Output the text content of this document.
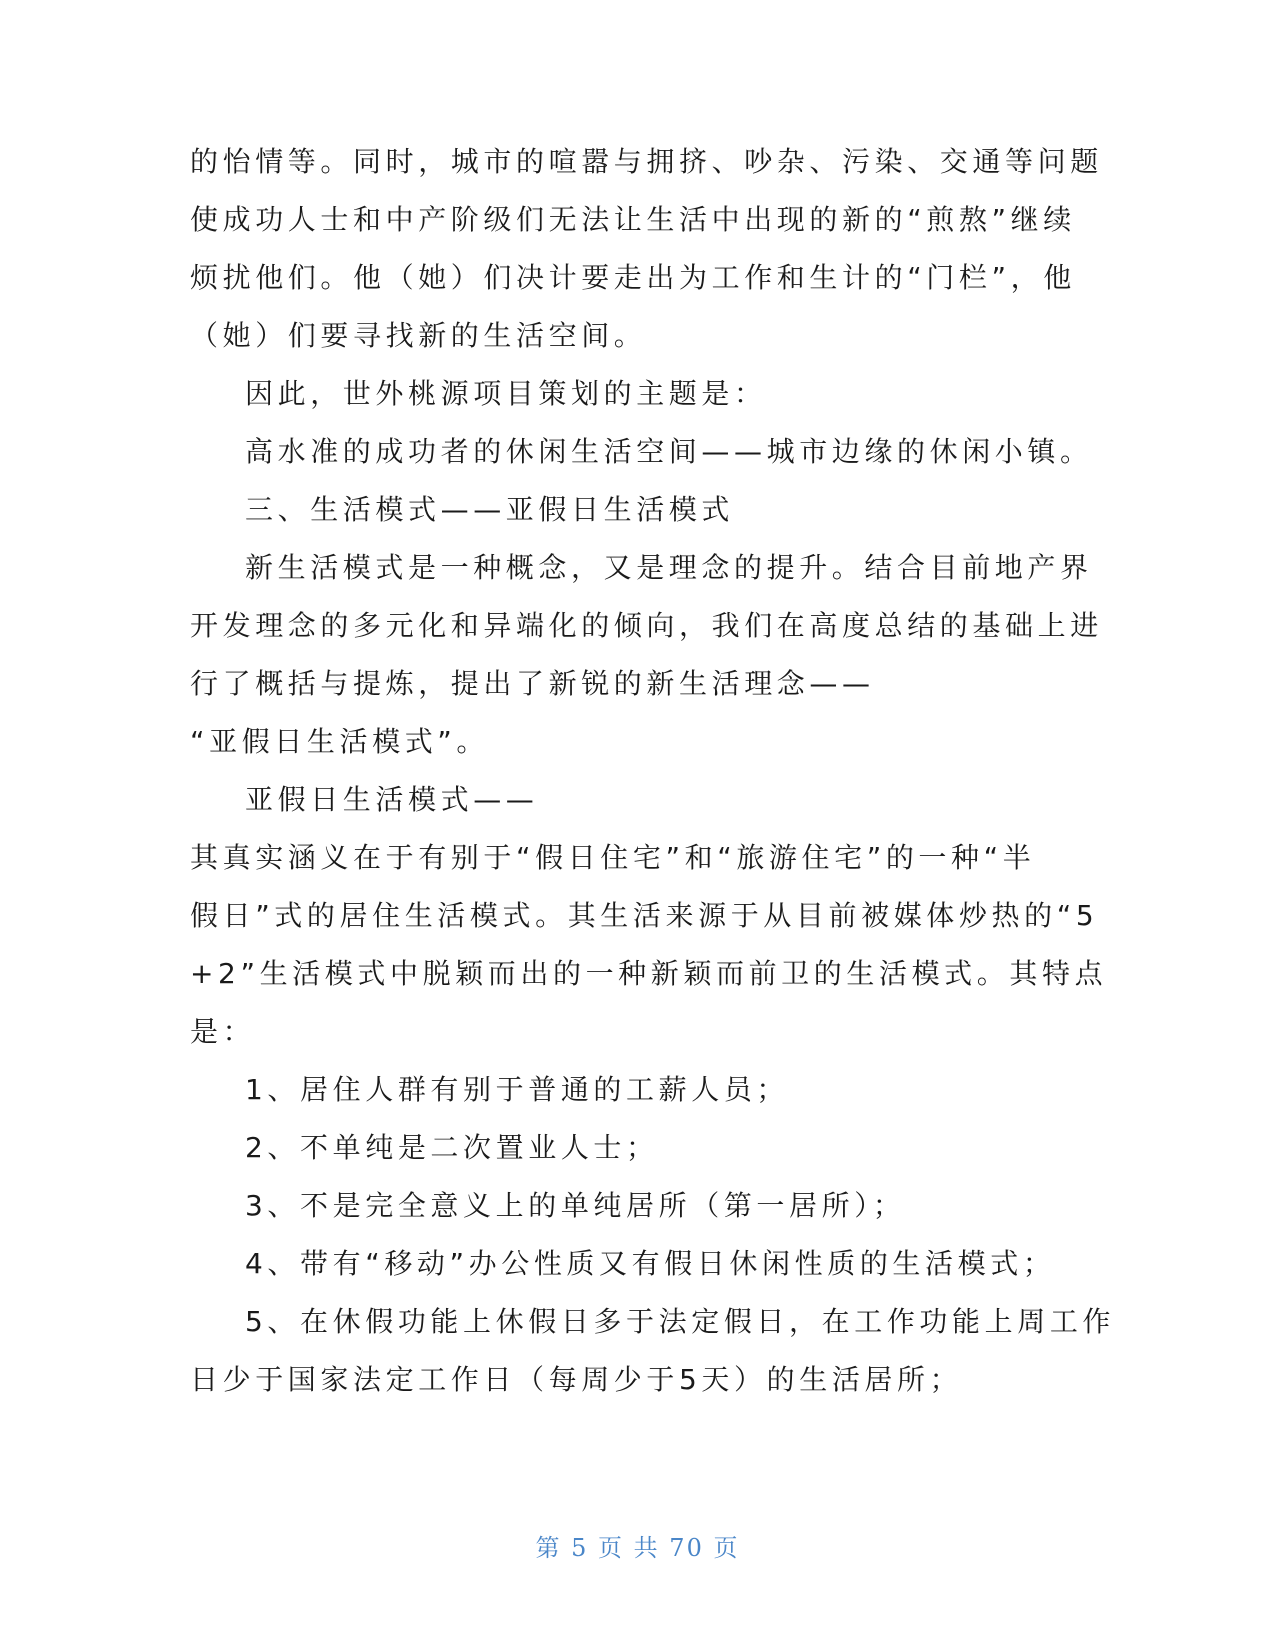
的怡情等。同时，城市的喧嚣与拥挤、吵杂、污染、交通等问题
使成功人士和中产阶级们无法让生活中出现的新的“煎熬”继续
烦扰他们。他（她）们决计要走出为工作和生计的“门栏”，他
（她）们要寻找新的生活空间。
因此，世外桃源项目策划的主题是：
高水准的成功者的休闲生活空间——城市边缘的休闲小镇。
三、生活模式——亚假日生活模式
新生活模式是一种概念，又是理念的提升。结合目前地产界
开发理念的多元化和异端化的倾向，我们在高度总结的基础上进
行了概括与提炼，提出了新锐的新生活理念——
“亚假日生活模式”。
亚假日生活模式——
其真实涵义在于有别于“假日住宅”和“旅游住宅”的一种“半
假日”式的居住生活模式。其生活来源于从目前被媒体炒热的“5
+2”生活模式中脱颖而出的一种新颖而前卫的生活模式。其特点
是：
1、居住人群有别于普通的工薪人员；
2、不单纯是二次置业人士；
3、不是完全意义上的单纯居所（第一居所）；
4、带有“移动”办公性质又有假日休闲性质的生活模式；
5、在休假功能上休假日多于法定假日，在工作功能上周工作
日少于国家法定工作日（每周少于5天）的生活居所；
第 5 页 共 70 页
